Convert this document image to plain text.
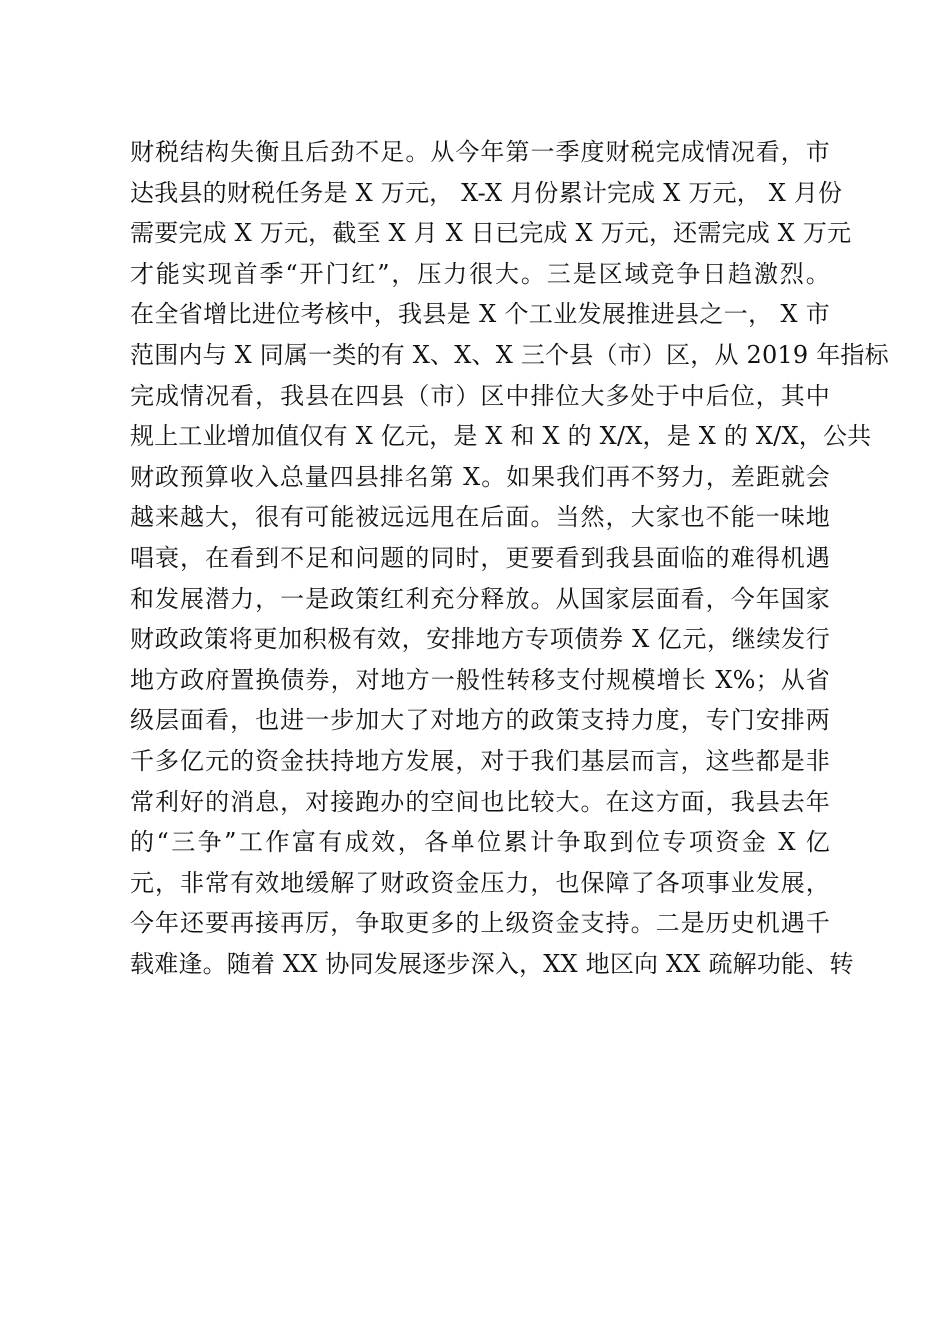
财税结构失衡且后劲不足。从今年第一季度财税完成情况看，市
达我县的财税任务是 X 万元， X-X 月份累计完成 X 万元， X 月份
需要完成 X 万元，截至 X 月 X 日已完成 X 万元，还需完成 X 万元
才能实现首季“开门红”，压力很大。三是区域竞争日趋激烈。
在全省增比进位考核中，我县是 X 个工业发展推进县之一， X 市
范围内与 X 同属一类的有 X、X、X 三个县（市）区，从 2019 年指标
完成情况看，我县在四县（市）区中排位大多处于中后位，其中
规上工业增加值仅有 X 亿元，是 X 和 X 的 X/X，是 X 的 X/X，公共
财政预算收入总量四县排名第 X。如果我们再不努力，差距就会
越来越大，很有可能被远远甩在后面。当然，大家也不能一味地
唱衰，在看到不足和问题的同时，更要看到我县面临的难得机遇
和发展潜力，一是政策红利充分释放。从国家层面看，今年国家
财政政策将更加积极有效，安排地方专项债券 X 亿元，继续发行
地方政府置换债券，对地方一般性转移支付规模增长 X%；从省
级层面看，也进一步加大了对地方的政策支持力度，专门安排两
千多亿元的资金扶持地方发展，对于我们基层而言，这些都是非
常利好的消息，对接跑办的空间也比较大。在这方面，我县去年
的“三争”工作富有成效，各单位累计争取到位专项资金 X 亿
元，非常有效地缓解了财政资金压力，也保障了各项事业发展，
今年还要再接再厉，争取更多的上级资金支持。二是历史机遇千
载难逢。随着 XX 协同发展逐步深入，XX 地区向 XX 疏解功能、转
